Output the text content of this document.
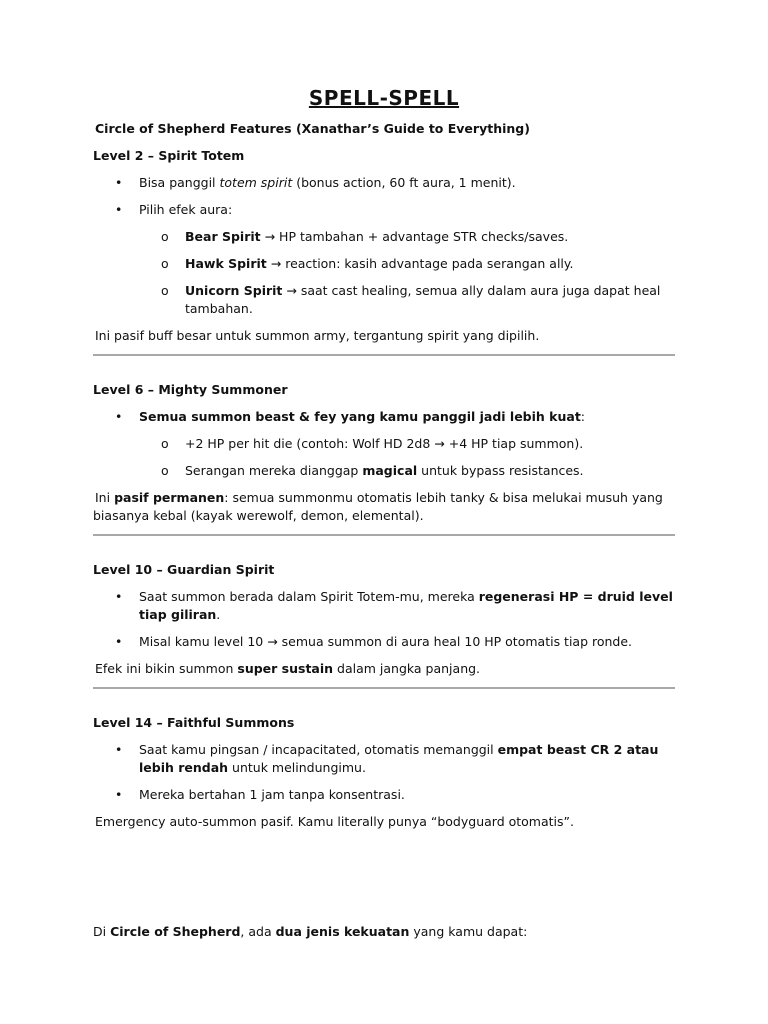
SPELL-SPELL

Circle of Shepherd Features (Xanathar’s Guide to Everything)

Level 2 – Spirit Totem

• Bisa panggil totem spirit (bonus action, 60 ft aura, 1 menit).
• Pilih efek aura:
o Bear Spirit → HP tambahan + advantage STR checks/saves.
o Hawk Spirit → reaction: kasih advantage pada serangan ally.
o Unicorn Spirit → saat cast healing, semua ally dalam aura juga dapat heal tambahan.

Ini pasif buff besar untuk summon army, tergantung spirit yang dipilih.

Level 6 – Mighty Summoner

• Semua summon beast & fey yang kamu panggil jadi lebih kuat:
o +2 HP per hit die (contoh: Wolf HD 2d8 → +4 HP tiap summon).
o Serangan mereka dianggap magical untuk bypass resistances.

Ini pasif permanen: semua summonmu otomatis lebih tanky & bisa melukai musuh yang biasanya kebal (kayak werewolf, demon, elemental).

Level 10 – Guardian Spirit

• Saat summon berada dalam Spirit Totem-mu, mereka regenerasi HP = druid level tiap giliran.
• Misal kamu level 10 → semua summon di aura heal 10 HP otomatis tiap ronde.

Efek ini bikin summon super sustain dalam jangka panjang.

Level 14 – Faithful Summons

• Saat kamu pingsan / incapacitated, otomatis memanggil empat beast CR 2 atau lebih rendah untuk melindungimu.
• Mereka bertahan 1 jam tanpa konsentrasi.

Emergency auto-summon pasif. Kamu literally punya “bodyguard otomatis”.

Di Circle of Shepherd, ada dua jenis kekuatan yang kamu dapat:
